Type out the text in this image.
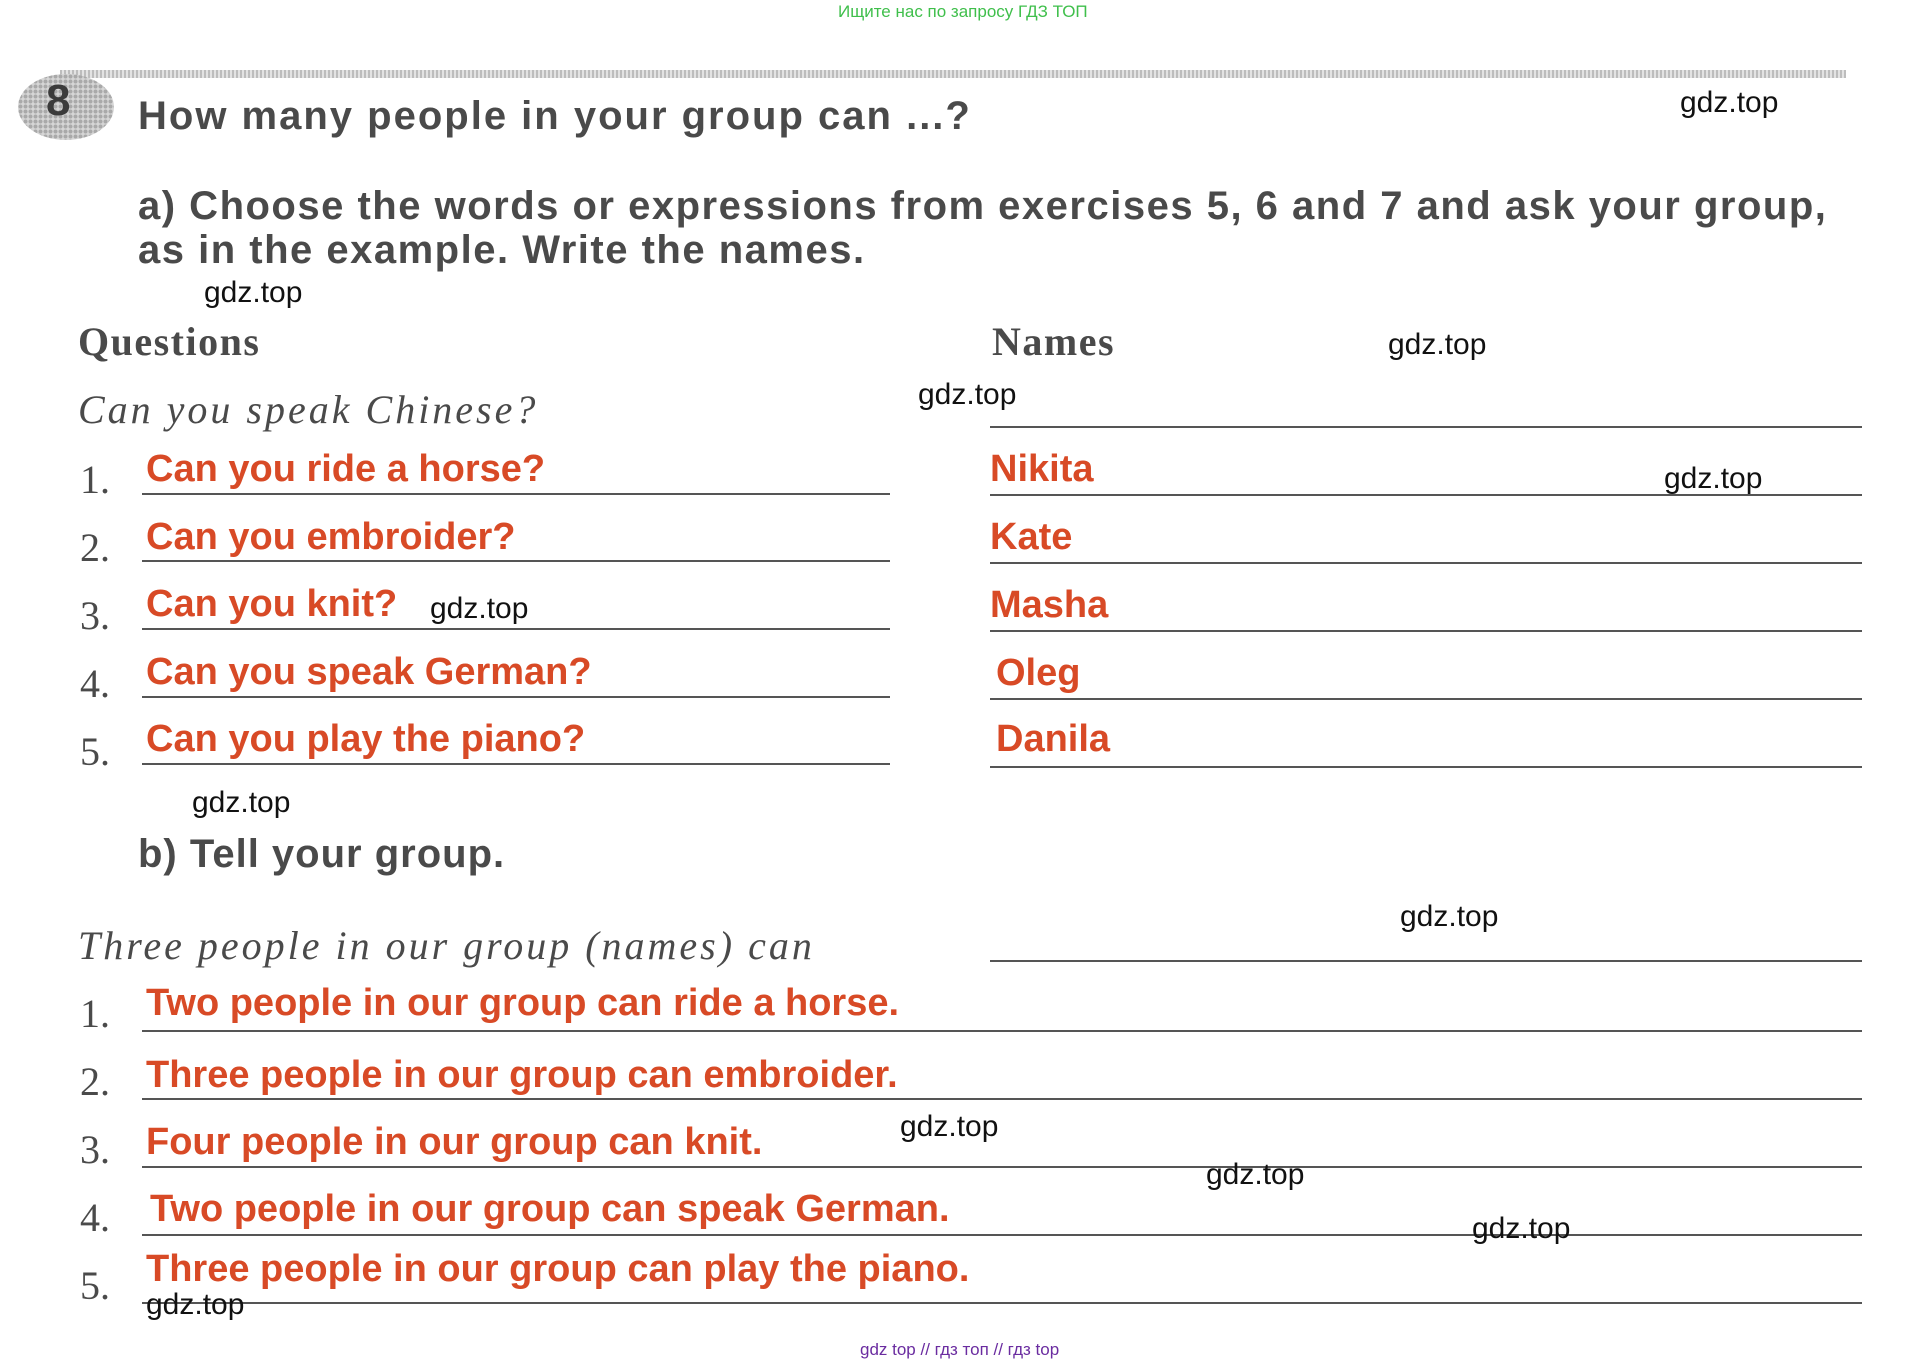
Ищите нас по запросу ГДЗ ТОП
8 How many people in your group can ...?
a) Choose the words or expressions from exercises 5, 6 and 7 and ask your group, as in the example. Write the names.
Questions	Names
Can you speak Chinese?
1. Can you ride a horse?	Nikita
2. Can you embroider?	Kate
3. Can you knit?	Masha
4. Can you speak German?	Oleg
5. Can you play the piano?	Danila
b) Tell your group.
Three people in our group (names) can
1. Two people in our group can ride a horse.
2. Three people in our group can embroider.
3. Four people in our group can knit.
4. Two people in our group can speak German.
5. Three people in our group can play the piano.
gdz.top
gdz.top
gdz.top
gdz.top
gdz.top
gdz.top
gdz.top
gdz.top
gdz.top
gdz.top
gdz.top
gdz.top
gdz top // гдз топ // гдз top
